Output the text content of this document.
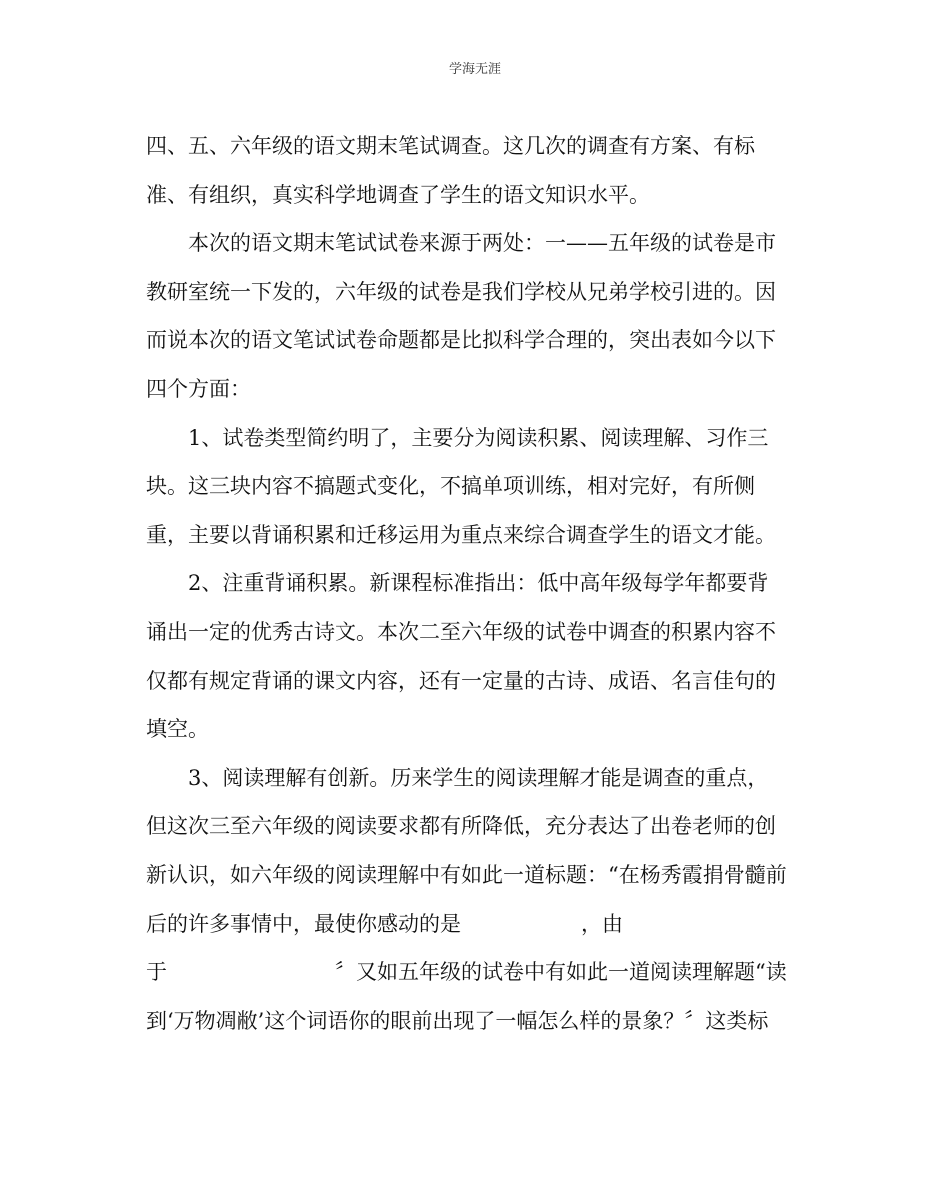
学海无涯
四、五、六年级的语文期末笔试调查。这几次的调查有方案、有标
准、有组织，真实科学地调查了学生的语文知识水平。
本次的语文期末笔试试卷来源于两处：一——五年级的试卷是市
教研室统一下发的，六年级的试卷是我们学校从兄弟学校引进的。因
而说本次的语文笔试试卷命题都是比拟科学合理的，突出表如今以下
四个方面：
1、试卷类型简约明了，主要分为阅读积累、阅读理解、习作三
块。这三块内容不搞题式变化，不搞单项训练，相对完好，有所侧
重，主要以背诵积累和迁移运用为重点来综合调查学生的语文才能。
2、注重背诵积累。新课程标准指出：低中高年级每学年都要背
诵出一定的优秀古诗文。本次二至六年级的试卷中调查的积累内容不
仅都有规定背诵的课文内容，还有一定量的古诗、成语、名言佳句的
填空。
3、阅读理解有创新。历来学生的阅读理解才能是调查的重点，
但这次三至六年级的阅读要求都有所降低，充分表达了出卷老师的创
新认识，如六年级的阅读理解中有如此一道标题：“在杨秀霞捐骨髓前
后的许多事情中，最使你感动的是	，由
于	〞又如五年级的试卷中有如此一道阅读理解题“读
到‘万物凋敝’这个词语你的眼前出现了一幅怎么样的景象？〞这类标
